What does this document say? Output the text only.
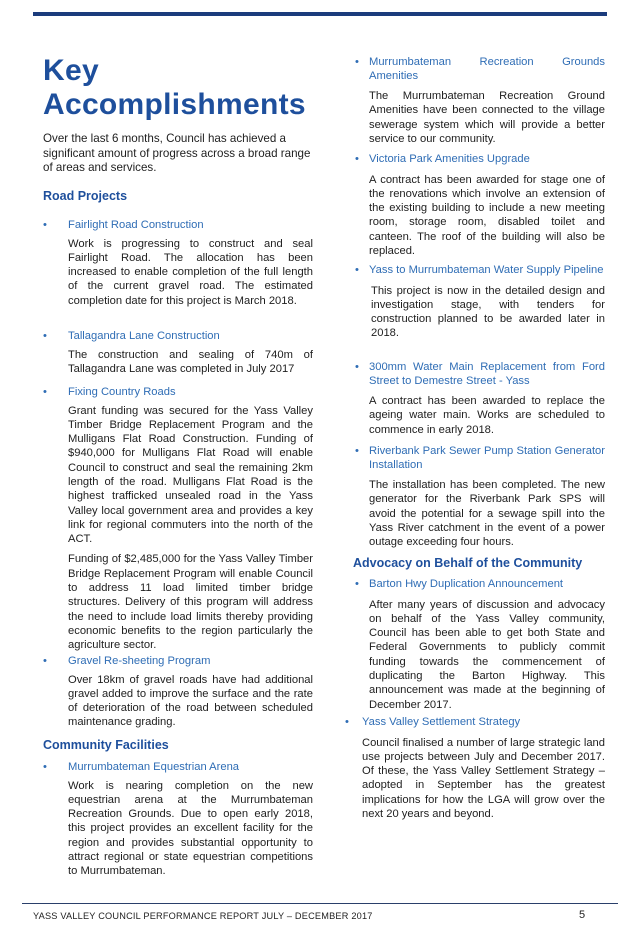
Key Accomplishments

Over the last 6 months, Council has achieved a significant amount of progress across a broad range of areas and services.

Road Projects
•	Fairlight Road Construction

Work is progressing to construct and seal Fairlight Road. The allocation has been increased to enable completion of the full length of the current gravel road. The estimated completion date for this project is March 2018.

•	Tallagandra Lane Construction

The construction and sealing of 740m of Tallagandra Lane was completed in July 2017

•	Fixing Country Roads

Grant funding was secured for the Yass Valley Timber Bridge Replacement Program and the Mulligans Flat Road Construction. Funding of $940,000 for Mulligans Flat Road will enable Council to construct and seal the remaining 2km length of the road. Mulligans Flat Road is the highest trafficked unsealed road in the Yass Valley local government area and provides a key link for regional commuters into the north of the ACT.

Funding of $2,485,000 for the Yass Valley Timber Bridge Replacement Program will enable Council to address 11 load limited timber bridge structures. Delivery of this program will address the need to include load limits thereby providing economic benefits to the region particularly the agriculture sector.

•	Gravel Re-sheeting Program

Over 18km of gravel roads have had additional gravel added to improve the surface and the rate of deterioration of the road between scheduled maintenance grading.

Community Facilities
•	Murrumbateman Equestrian Arena

Work is nearing completion on the new equestrian arena at the Murrumbateman Recreation Grounds. Due to open early 2018, this project provides an excellent facility for the region and provides substantial opportunity to attract regional or state equestrian competitions to Murrumbateman.

• Murrumbateman Recreation Grounds Amenities

The Murrumbateman Recreation Ground Amenities have been connected to the village sewerage system which will provide a better service to our community.

• Victoria Park Amenities Upgrade

A contract has been awarded for stage one of the renovations which involve an extension of the existing building to include a new meeting room, storage room, disabled toilet and canteen. The roof of the building will also be replaced.

• Yass to Murrumbateman Water Supply Pipeline

This project is now in the detailed design and investigation stage, with tenders for construction planned to be awarded later in 2018.

• 300mm Water Main Replacement from Ford Street to Demestre Street - Yass

A contract has been awarded to replace the ageing water main. Works are scheduled to commence in early 2018.

• Riverbank Park Sewer Pump Station Generator Installation

The installation has been completed. The new generator for the Riverbank Park SPS will avoid the potential for a sewage spill into the Yass River catchment in the event of a power outage exceeding four hours.

Advocacy on Behalf of the Community
• Barton Hwy Duplication Announcement

After many years of discussion and advocacy on behalf of the Yass Valley community, Council has been able to get both State and Federal Governments to publicly commit funding towards the commencement of duplicating the Barton Highway. This announcement was made at the beginning of December 2017.

•	Yass Valley Settlement Strategy

Council finalised a number of large strategic land use projects between July and December 2017. Of these, the Yass Valley Settlement Strategy – adopted in September has the greatest implications for how the LGA will grow over the next 20 years and beyond.

YASS VALLEY COUNCIL PERFORMANCE REPORT JULY – DECEMBER 2017	5
